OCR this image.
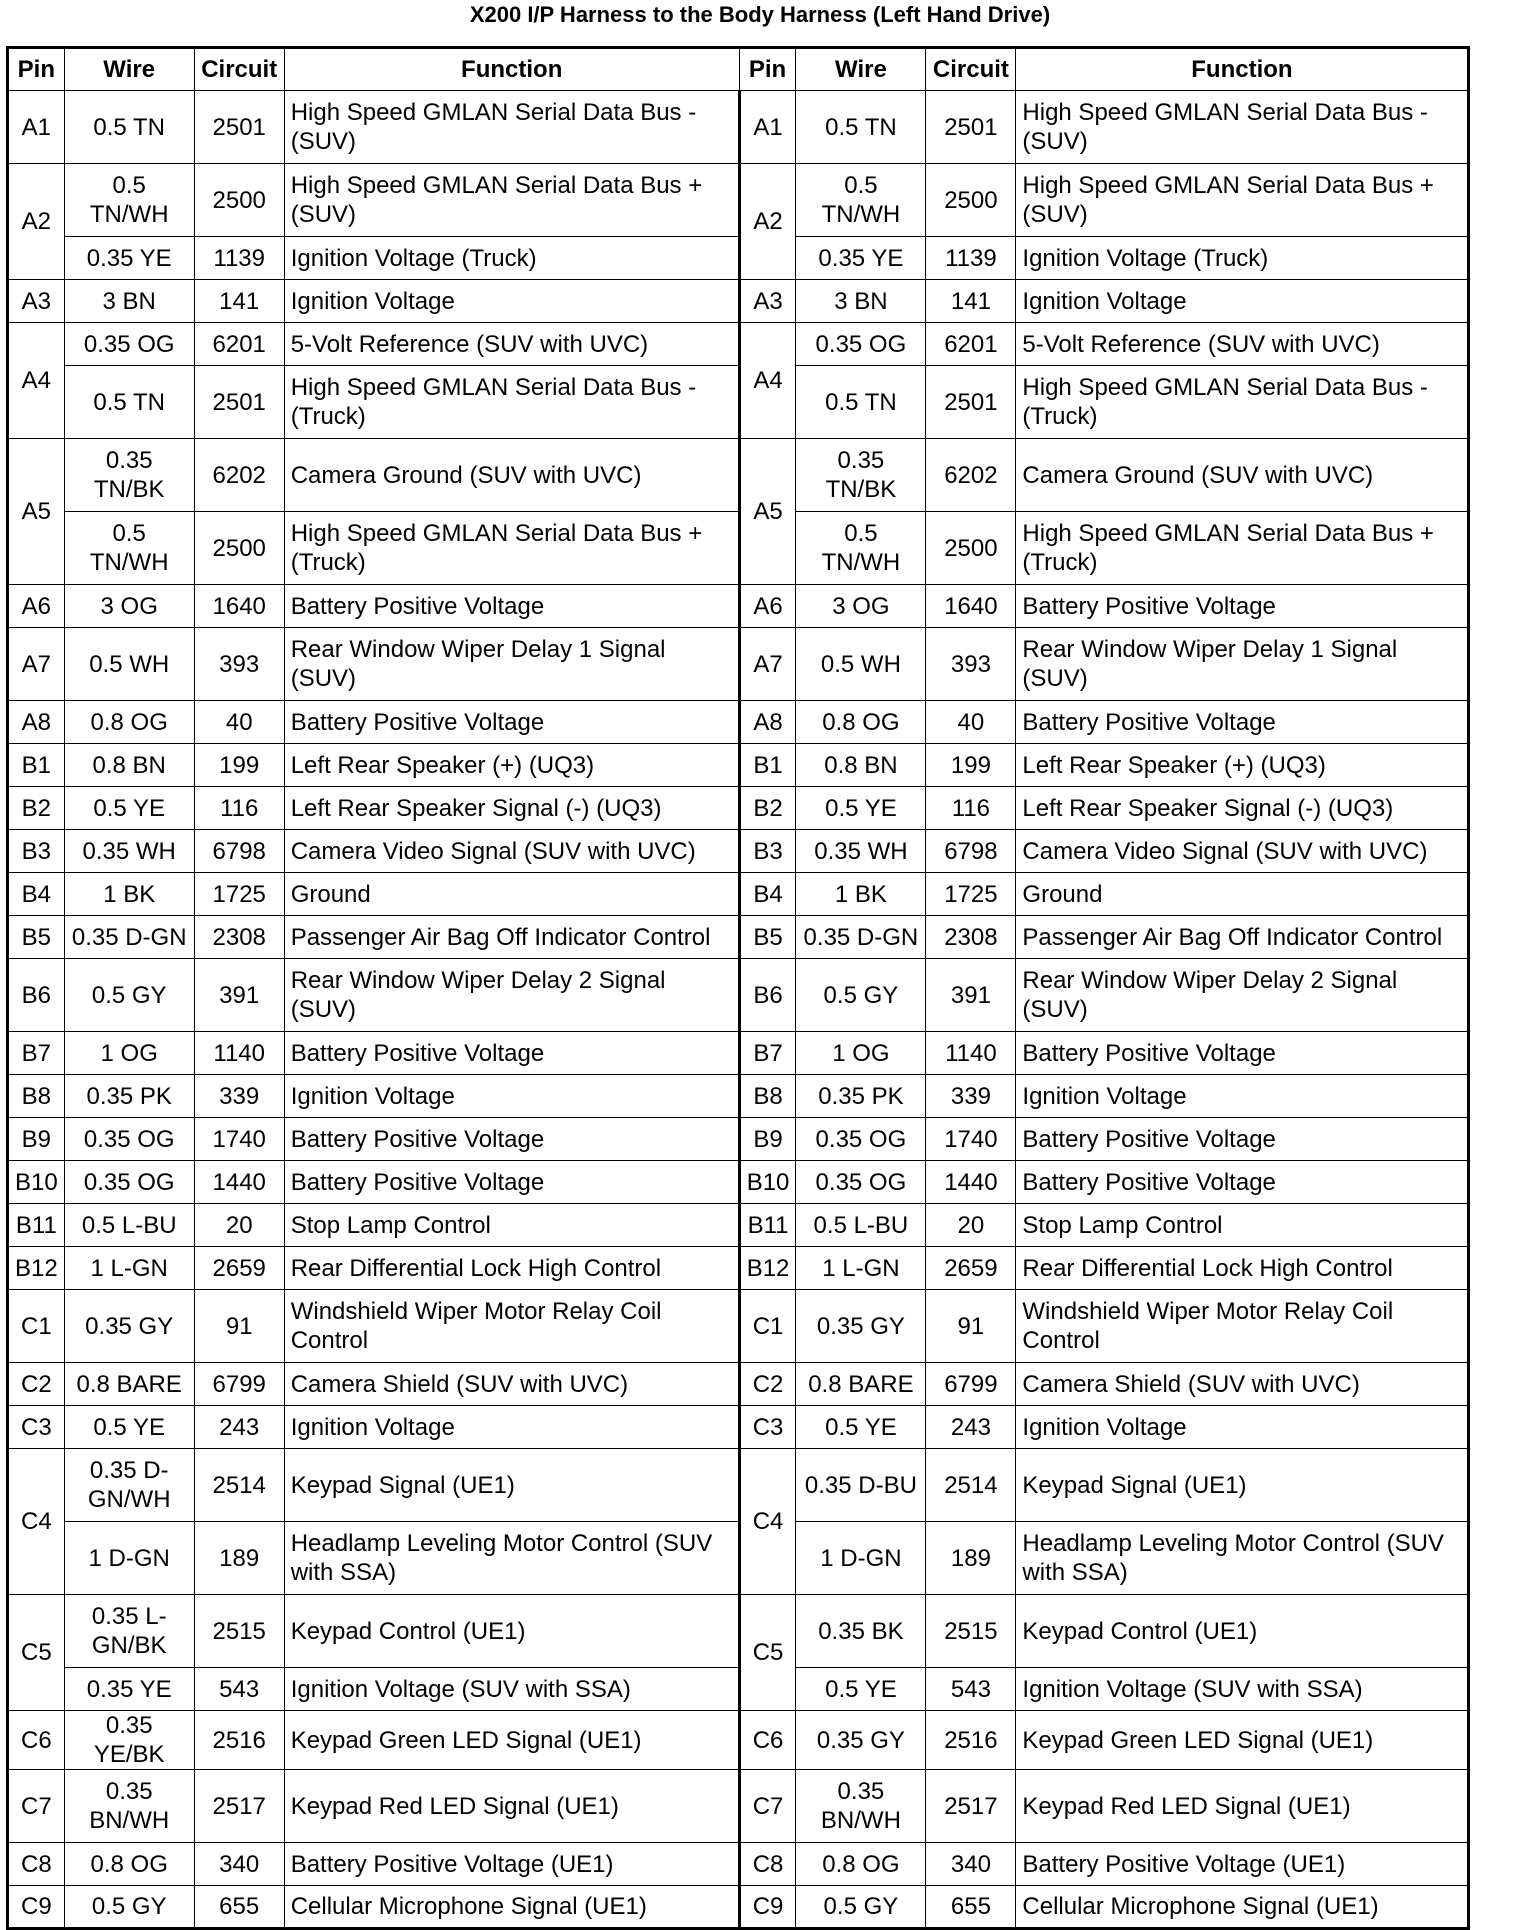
X200 I/P Harness to the Body Harness (Left Hand Drive)
Pin	Wire	Circuit	Function	Pin	Wire	Circuit	Function
A1	0.5 TN	2501	High Speed GMLAN Serial Data Bus - (SUV)	A1	0.5 TN	2501	High Speed GMLAN Serial Data Bus - (SUV)
A2	0.5 TN/WH	2500	High Speed GMLAN Serial Data Bus + (SUV)	A2	0.5 TN/WH	2500	High Speed GMLAN Serial Data Bus + (SUV)
	0.35 YE	1139	Ignition Voltage (Truck)		0.35 YE	1139	Ignition Voltage (Truck)
A3	3 BN	141	Ignition Voltage	A3	3 BN	141	Ignition Voltage
A4	0.35 OG	6201	5-Volt Reference (SUV with UVC)	A4	0.35 OG	6201	5-Volt Reference (SUV with UVC)
	0.5 TN	2501	High Speed GMLAN Serial Data Bus - (Truck)		0.5 TN	2501	High Speed GMLAN Serial Data Bus - (Truck)
A5	0.35 TN/BK	6202	Camera Ground (SUV with UVC)	A5	0.35 TN/BK	6202	Camera Ground (SUV with UVC)
	0.5 TN/WH	2500	High Speed GMLAN Serial Data Bus + (Truck)		0.5 TN/WH	2500	High Speed GMLAN Serial Data Bus + (Truck)
A6	3 OG	1640	Battery Positive Voltage	A6	3 OG	1640	Battery Positive Voltage
A7	0.5 WH	393	Rear Window Wiper Delay 1 Signal (SUV)	A7	0.5 WH	393	Rear Window Wiper Delay 1 Signal (SUV)
A8	0.8 OG	40	Battery Positive Voltage	A8	0.8 OG	40	Battery Positive Voltage
B1	0.8 BN	199	Left Rear Speaker (+) (UQ3)	B1	0.8 BN	199	Left Rear Speaker (+) (UQ3)
B2	0.5 YE	116	Left Rear Speaker Signal (-) (UQ3)	B2	0.5 YE	116	Left Rear Speaker Signal (-) (UQ3)
B3	0.35 WH	6798	Camera Video Signal (SUV with UVC)	B3	0.35 WH	6798	Camera Video Signal (SUV with UVC)
B4	1 BK	1725	Ground	B4	1 BK	1725	Ground
B5	0.35 D-GN	2308	Passenger Air Bag Off Indicator Control	B5	0.35 D-GN	2308	Passenger Air Bag Off Indicator Control
B6	0.5 GY	391	Rear Window Wiper Delay 2 Signal (SUV)	B6	0.5 GY	391	Rear Window Wiper Delay 2 Signal (SUV)
B7	1 OG	1140	Battery Positive Voltage	B7	1 OG	1140	Battery Positive Voltage
B8	0.35 PK	339	Ignition Voltage	B8	0.35 PK	339	Ignition Voltage
B9	0.35 OG	1740	Battery Positive Voltage	B9	0.35 OG	1740	Battery Positive Voltage
B10	0.35 OG	1440	Battery Positive Voltage	B10	0.35 OG	1440	Battery Positive Voltage
B11	0.5 L-BU	20	Stop Lamp Control	B11	0.5 L-BU	20	Stop Lamp Control
B12	1 L-GN	2659	Rear Differential Lock High Control	B12	1 L-GN	2659	Rear Differential Lock High Control
C1	0.35 GY	91	Windshield Wiper Motor Relay Coil Control	C1	0.35 GY	91	Windshield Wiper Motor Relay Coil Control
C2	0.8 BARE	6799	Camera Shield (SUV with UVC)	C2	0.8 BARE	6799	Camera Shield (SUV with UVC)
C3	0.5 YE	243	Ignition Voltage	C3	0.5 YE	243	Ignition Voltage
C4	0.35 D-GN/WH	2514	Keypad Signal (UE1)	C4	0.35 D-BU	2514	Keypad Signal (UE1)
	1 D-GN	189	Headlamp Leveling Motor Control (SUV with SSA)		1 D-GN	189	Headlamp Leveling Motor Control (SUV with SSA)
C5	0.35 L-GN/BK	2515	Keypad Control (UE1)	C5	0.35 BK	2515	Keypad Control (UE1)
	0.35 YE	543	Ignition Voltage (SUV with SSA)		0.5 YE	543	Ignition Voltage (SUV with SSA)
C6	0.35 YE/BK	2516	Keypad Green LED Signal (UE1)	C6	0.35 GY	2516	Keypad Green LED Signal (UE1)
C7	0.35 BN/WH	2517	Keypad Red LED Signal (UE1)	C7	0.35 BN/WH	2517	Keypad Red LED Signal (UE1)
C8	0.8 OG	340	Battery Positive Voltage (UE1)	C8	0.8 OG	340	Battery Positive Voltage (UE1)
C9	0.5 GY	655	Cellular Microphone Signal (UE1)	C9	0.5 GY	655	Cellular Microphone Signal (UE1)
